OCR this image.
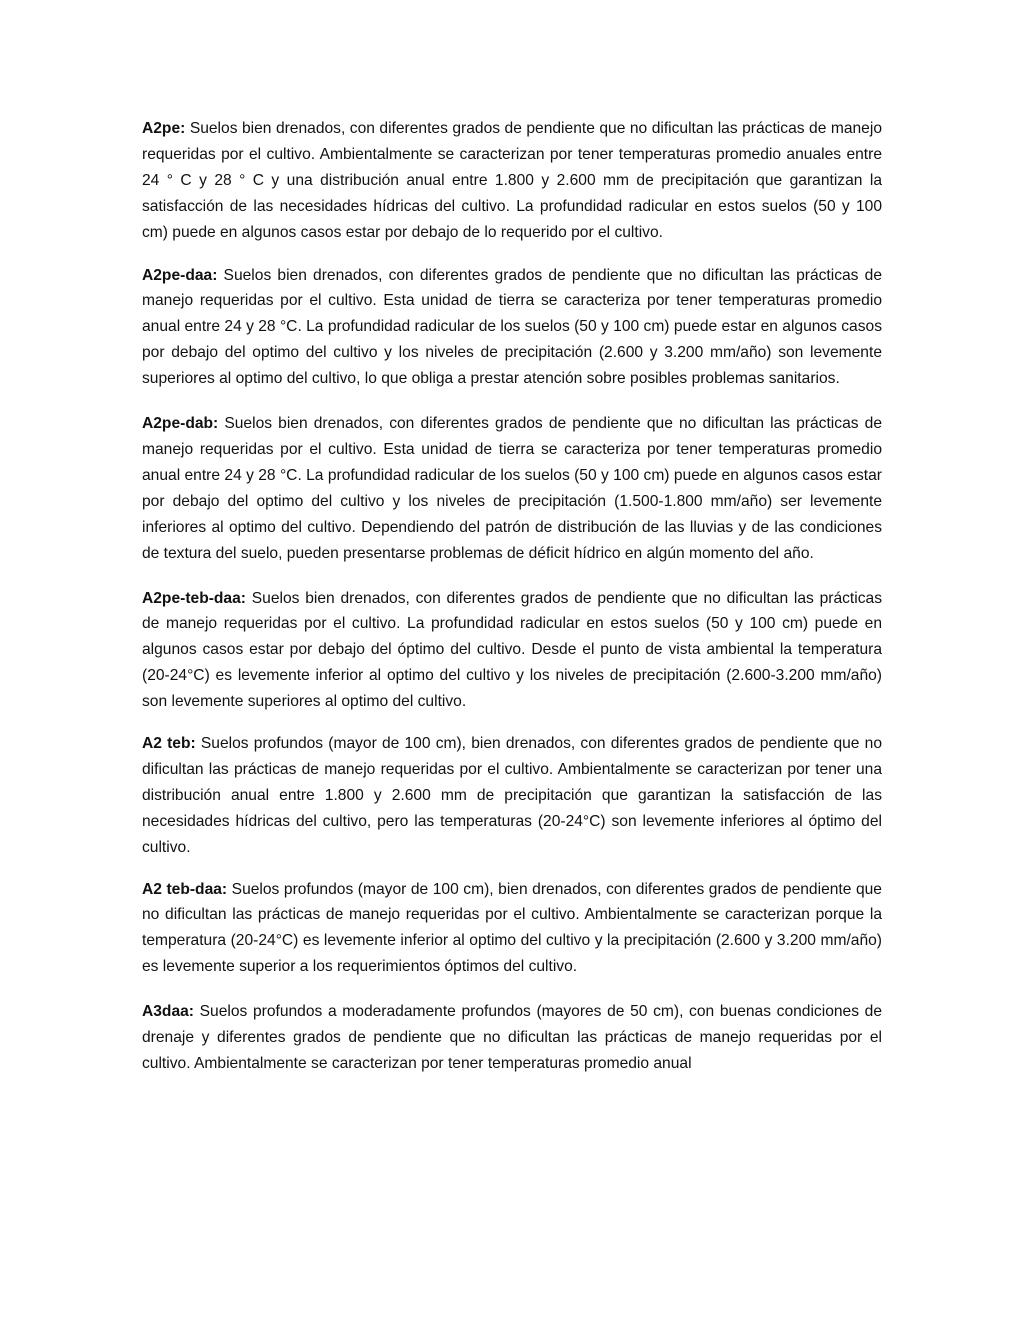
A2pe: Suelos bien drenados, con diferentes grados de pendiente que no dificultan las prácticas de manejo requeridas por el cultivo. Ambientalmente se caracterizan por tener temperaturas promedio anuales entre 24 ° C y 28 ° C y una distribución anual entre 1.800 y 2.600 mm de precipitación que garantizan la satisfacción de las necesidades hídricas del cultivo. La profundidad radicular en estos suelos (50 y 100 cm) puede en algunos casos estar por debajo de lo requerido por el cultivo.

A2pe-daa: Suelos bien drenados, con diferentes grados de pendiente que no dificultan las prácticas de manejo requeridas por el cultivo. Esta unidad de tierra se caracteriza por tener temperaturas promedio anual entre 24 y 28 °C. La profundidad radicular de los suelos (50 y 100 cm) puede estar en algunos casos por debajo del optimo del cultivo y los niveles de precipitación (2.600 y 3.200 mm/año) son levemente superiores al optimo del cultivo, lo que obliga a prestar atención sobre posibles problemas sanitarios.

A2pe-dab: Suelos bien drenados, con diferentes grados de pendiente que no dificultan las prácticas de manejo requeridas por el cultivo. Esta unidad de tierra se caracteriza por tener temperaturas promedio anual entre 24 y 28 °C. La profundidad radicular de los suelos (50 y 100 cm) puede en algunos casos estar por debajo del optimo del cultivo y los niveles de precipitación (1.500-1.800 mm/año) ser levemente inferiores al optimo del cultivo. Dependiendo del patrón de distribución de las lluvias y de las condiciones de textura del suelo, pueden presentarse problemas de déficit hídrico en algún momento del año.

A2pe-teb-daa: Suelos bien drenados, con diferentes grados de pendiente que no dificultan las prácticas de manejo requeridas por el cultivo. La profundidad radicular en estos suelos (50 y 100 cm) puede en algunos casos estar por debajo del óptimo del cultivo. Desde el punto de vista ambiental la temperatura (20-24°C) es levemente inferior al optimo del cultivo y los niveles de precipitación (2.600-3.200 mm/año) son levemente superiores al optimo del cultivo.

A2 teb: Suelos profundos (mayor de 100 cm), bien drenados, con diferentes grados de pendiente que no dificultan las prácticas de manejo requeridas por el cultivo. Ambientalmente se caracterizan por tener una distribución anual entre 1.800 y 2.600 mm de precipitación que garantizan la satisfacción de las necesidades hídricas del cultivo, pero las temperaturas (20-24°C) son levemente inferiores al óptimo del cultivo.

A2 teb-daa: Suelos profundos (mayor de 100 cm), bien drenados, con diferentes grados de pendiente que no dificultan las prácticas de manejo requeridas por el cultivo. Ambientalmente se caracterizan porque la temperatura (20-24°C) es levemente inferior al optimo del cultivo y la precipitación (2.600 y 3.200 mm/año) es levemente superior a los requerimientos óptimos del cultivo.

A3daa: Suelos profundos a moderadamente profundos (mayores de 50 cm), con buenas condiciones de drenaje y diferentes grados de pendiente que no dificultan las prácticas de manejo requeridas por el cultivo. Ambientalmente se caracterizan por tener temperaturas promedio anual
